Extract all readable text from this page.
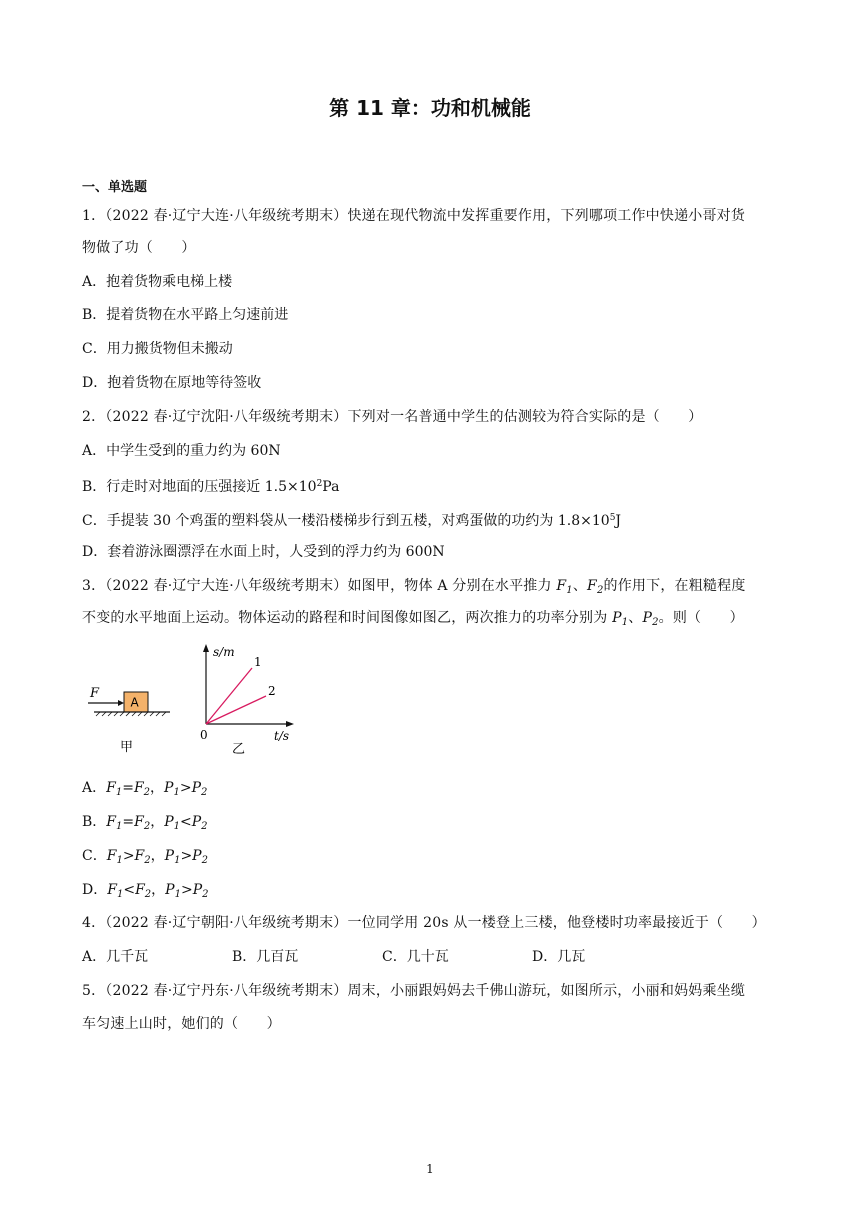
第 11 章：功和机械能
一、单选题
1．（2022 春·辽宁大连·八年级统考期末）快递在现代物流中发挥重要作用，下列哪项工作中快递小哥对货
物做了功（　　）
A．抱着货物乘电梯上楼
B．提着货物在水平路上匀速前进
C．用力搬货物但未搬动
D．抱着货物在原地等待签收
2．（2022 春·辽宁沈阳·八年级统考期末）下列对一名普通中学生的估测较为符合实际的是（　　）
A．中学生受到的重力约为 60N
B．行走时对地面的压强接近 $1.5\times 10^2Pa$
C．手提装 30 个鸡蛋的塑料袋从一楼沿楼梯步行到五楼，对鸡蛋做的功约为 $1.8\times 10^5J$
D．套着游泳圈漂浮在水面上时，人受到的浮力约为 600N
3．（2022 春·辽宁大连·八年级统考期末）如图甲，物体 A 分别在水平推力 $F_1$、$F_2$的作用下，在粗糙程度
不变的水平地面上运动。物体运动的路程和时间图像如图乙，两次推力的功率分别为 $P_1$、$P_2$。则（　　）
F
A
甲
s/m
t/s
0
1
2
乙
A．$F_1=F_2$，$P_1>P_2$
B．$F_1=F_2$，$P_1<P_2$
C．$F_1>F_2$，$P_1>P_2$
D．$F_1<F_2$，$P_1>P_2$
4．（2022 春·辽宁朝阳·八年级统考期末）一位同学用 20s 从一楼登上三楼，他登楼时功率最接近于（　　）
A．几千瓦	B．几百瓦	C．几十瓦	D．几瓦
5．（2022 春·辽宁丹东·八年级统考期末）周末，小丽跟妈妈去千佛山游玩，如图所示，小丽和妈妈乘坐缆
车匀速上山时，她们的（　　）
1
